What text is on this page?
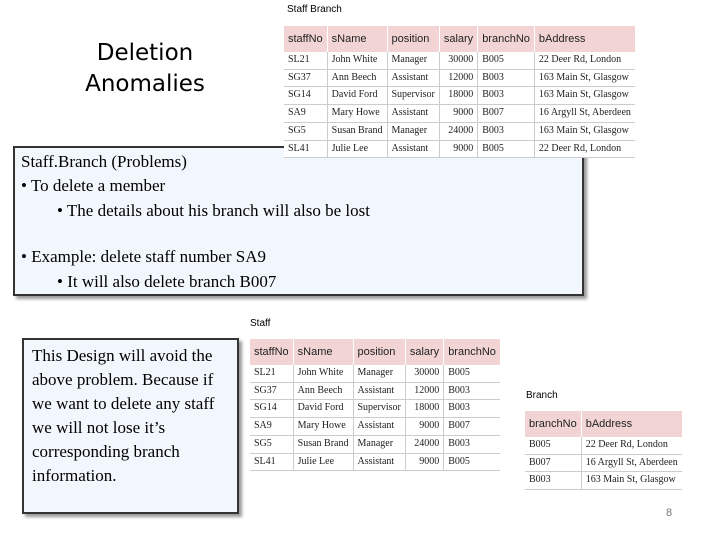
Deletion
Anomalies
Staff.Branch (Problems)
• To delete a member
• The details about his branch will also be lost
• Example: delete staff number SA9
• It will also delete branch B007
Staff Branch
staffNo	sName	position	salary	branchNo	bAddress
SL21	John White	Manager	30000	B005	22 Deer Rd, London
SG37	Ann Beech	Assistant	12000	B003	163 Main St, Glasgow
SG14	David Ford	Supervisor	18000	B003	163 Main St, Glasgow
SA9	Mary Howe	Assistant	9000	B007	16 Argyll St, Aberdeen
SG5	Susan Brand	Manager	24000	B003	163 Main St, Glasgow
SL41	Julie Lee	Assistant	9000	B005	22 Deer Rd, London
This Design will avoid the above problem. Because if we want to delete any staff we will not lose it’s corresponding branch information.
Staff
staffNo	sName	position	salary	branchNo
SL21	John White	Manager	30000	B005
SG37	Ann Beech	Assistant	12000	B003
SG14	David Ford	Supervisor	18000	B003
SA9	Mary Howe	Assistant	9000	B007
SG5	Susan Brand	Manager	24000	B003
SL41	Julie Lee	Assistant	9000	B005
Branch
branchNo	bAddress
B005	22 Deer Rd, London
B007	16 Argyll St, Aberdeen
B003	163 Main St, Glasgow
8
